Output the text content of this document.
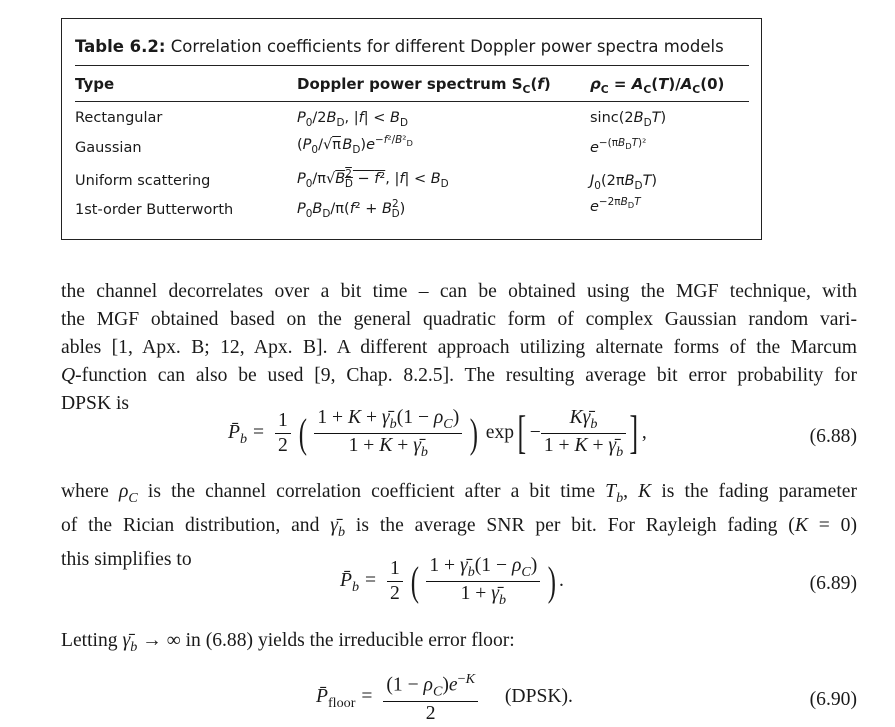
Table 6.2: Correlation coefficients for different Doppler power spectra models
Type	Doppler power spectrum $S_C(f)$	$\rho_C = A_C(T)/A_C(0)$
Rectangular	$P_0/2B_D$, $|f| < B_D$	$\sin c(2B_DT)$
Gaussian	($P_0/√\pi$ $B_D)e^{-f^2/B^2_D}$	$e^{-(\pi B_DT)^2}$
Uniform scattering	$P_0/\pi√B^2_D - f^2$, $|f| < B_D$	$J_0(2\pi B_DT)$
1st-order Butterworth	$P_0B_D/\pi(f^2 + B^2_D)$	$e^{-2\pi B_DT}$
the channel decorrelates over a bit time – can be obtained using the MGF technique, with
the MGF obtained based on the general quadratic form of complex Gaussian random vari-
ables [1, Apx. B; 12, Apx. B]. A different approach utilizing alternate forms of the Marcum
Q-function can also be used [9, Chap. 8.2.5]. The resulting average bit error probability for
DPSK is
$P̄_b = \frac{1}{2}$ ( $\frac{1 + K + \gammā_b(1 - \rho_C)}{1 + K + \gammā_b}$ ) $\exp[ - \frac{K\gammā_b}{1 + K + \gammā_b}$ ] ,	(6.88)
where $\rho_C$ is the channel correlation coefficient after a bit time $T_b$, K is the fading parameter
of the Rician distribution, and $\gammā_b$ is the average SNR per bit. For Rayleigh fading (K = 0)
this simplifies to
$P̄_b = \frac{1}{2}$ ( $\frac{1 + \gammā_b(1 - \rho_C)}{1 + \gammā_b}$ ) .	(6.89)
Letting $\gammā_b$ → ∞ in (6.88) yields the irreducible error floor:
$P̄_{floor} = \frac{(1 - \rho_C)e^{-K}}{2}$ (DPSK).	(6.90)
